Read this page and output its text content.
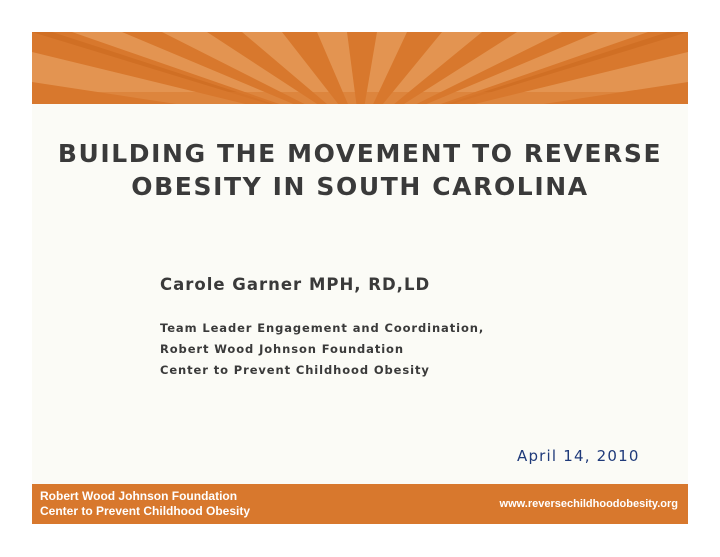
BUILDING THE MOVEMENT TO REVERSE
OBESITY IN SOUTH CAROLINA

Carole Garner MPH, RD,LD

Team Leader Engagement and Coordination,
Robert Wood Johnson Foundation
Center to Prevent Childhood Obesity
April 14, 2010
Robert Wood Johnson Foundation
Center to Prevent Childhood Obesity	www.reversechildhoodobesity.org
